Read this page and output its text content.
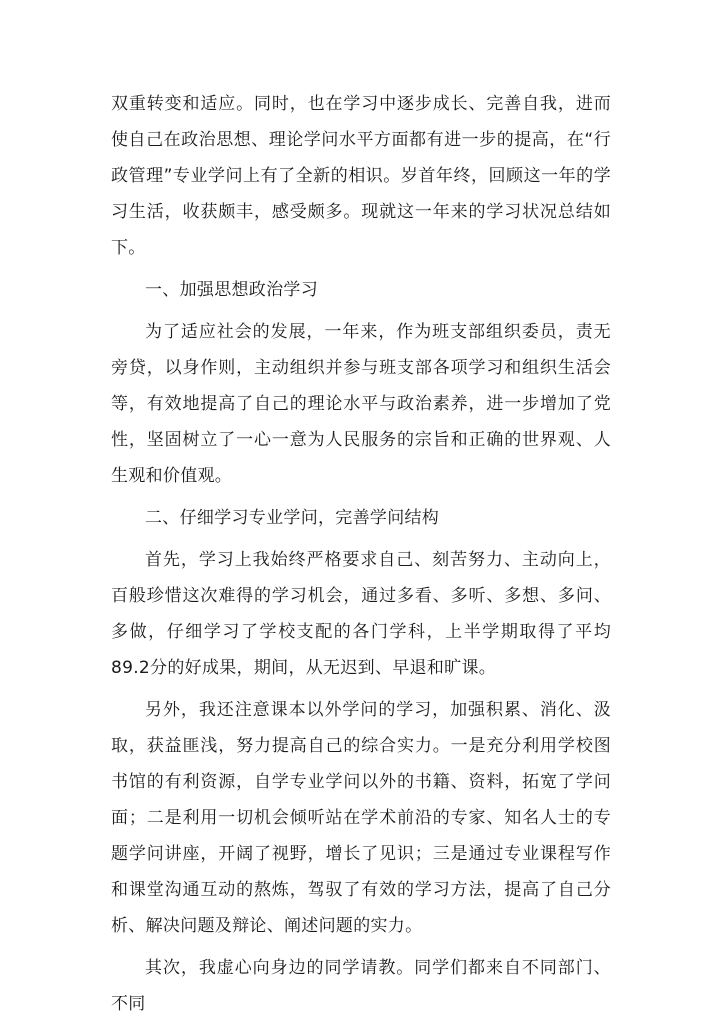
双重转变和适应。同时，也在学习中逐步成长、完善自我，进而使自己在政治思想、理论学问水平方面都有进一步的提高，在“行政管理”专业学问上有了全新的相识。岁首年终，回顾这一年的学习生活，收获颇丰，感受颇多。现就这一年来的学习状况总结如下。

一、加强思想政治学习

为了适应社会的发展，一年来，作为班支部组织委员，责无旁贷，以身作则，主动组织并参与班支部各项学习和组织生活会等，有效地提高了自己的理论水平与政治素养，进一步增加了党性，坚固树立了一心一意为人民服务的宗旨和正确的世界观、人生观和价值观。

二、仔细学习专业学问，完善学问结构

首先，学习上我始终严格要求自己、刻苦努力、主动向上，百般珍惜这次难得的学习机会，通过多看、多听、多想、多问、多做，仔细学习了学校支配的各门学科，上半学期取得了平均89.2分的好成果，期间，从无迟到、早退和旷课。

另外，我还注意课本以外学问的学习，加强积累、消化、汲取，获益匪浅，努力提高自己的综合实力。一是充分利用学校图书馆的有利资源，自学专业学问以外的书籍、资料，拓宽了学问面；二是利用一切机会倾听站在学术前沿的专家、知名人士的专题学问讲座，开阔了视野，增长了见识；三是通过专业课程写作和课堂沟通互动的熬炼，驾驭了有效的学习方法，提高了自己分析、解决问题及辩论、阐述问题的实力。

其次，我虚心向身边的同学请教。同学们都来自不同部门、不同
